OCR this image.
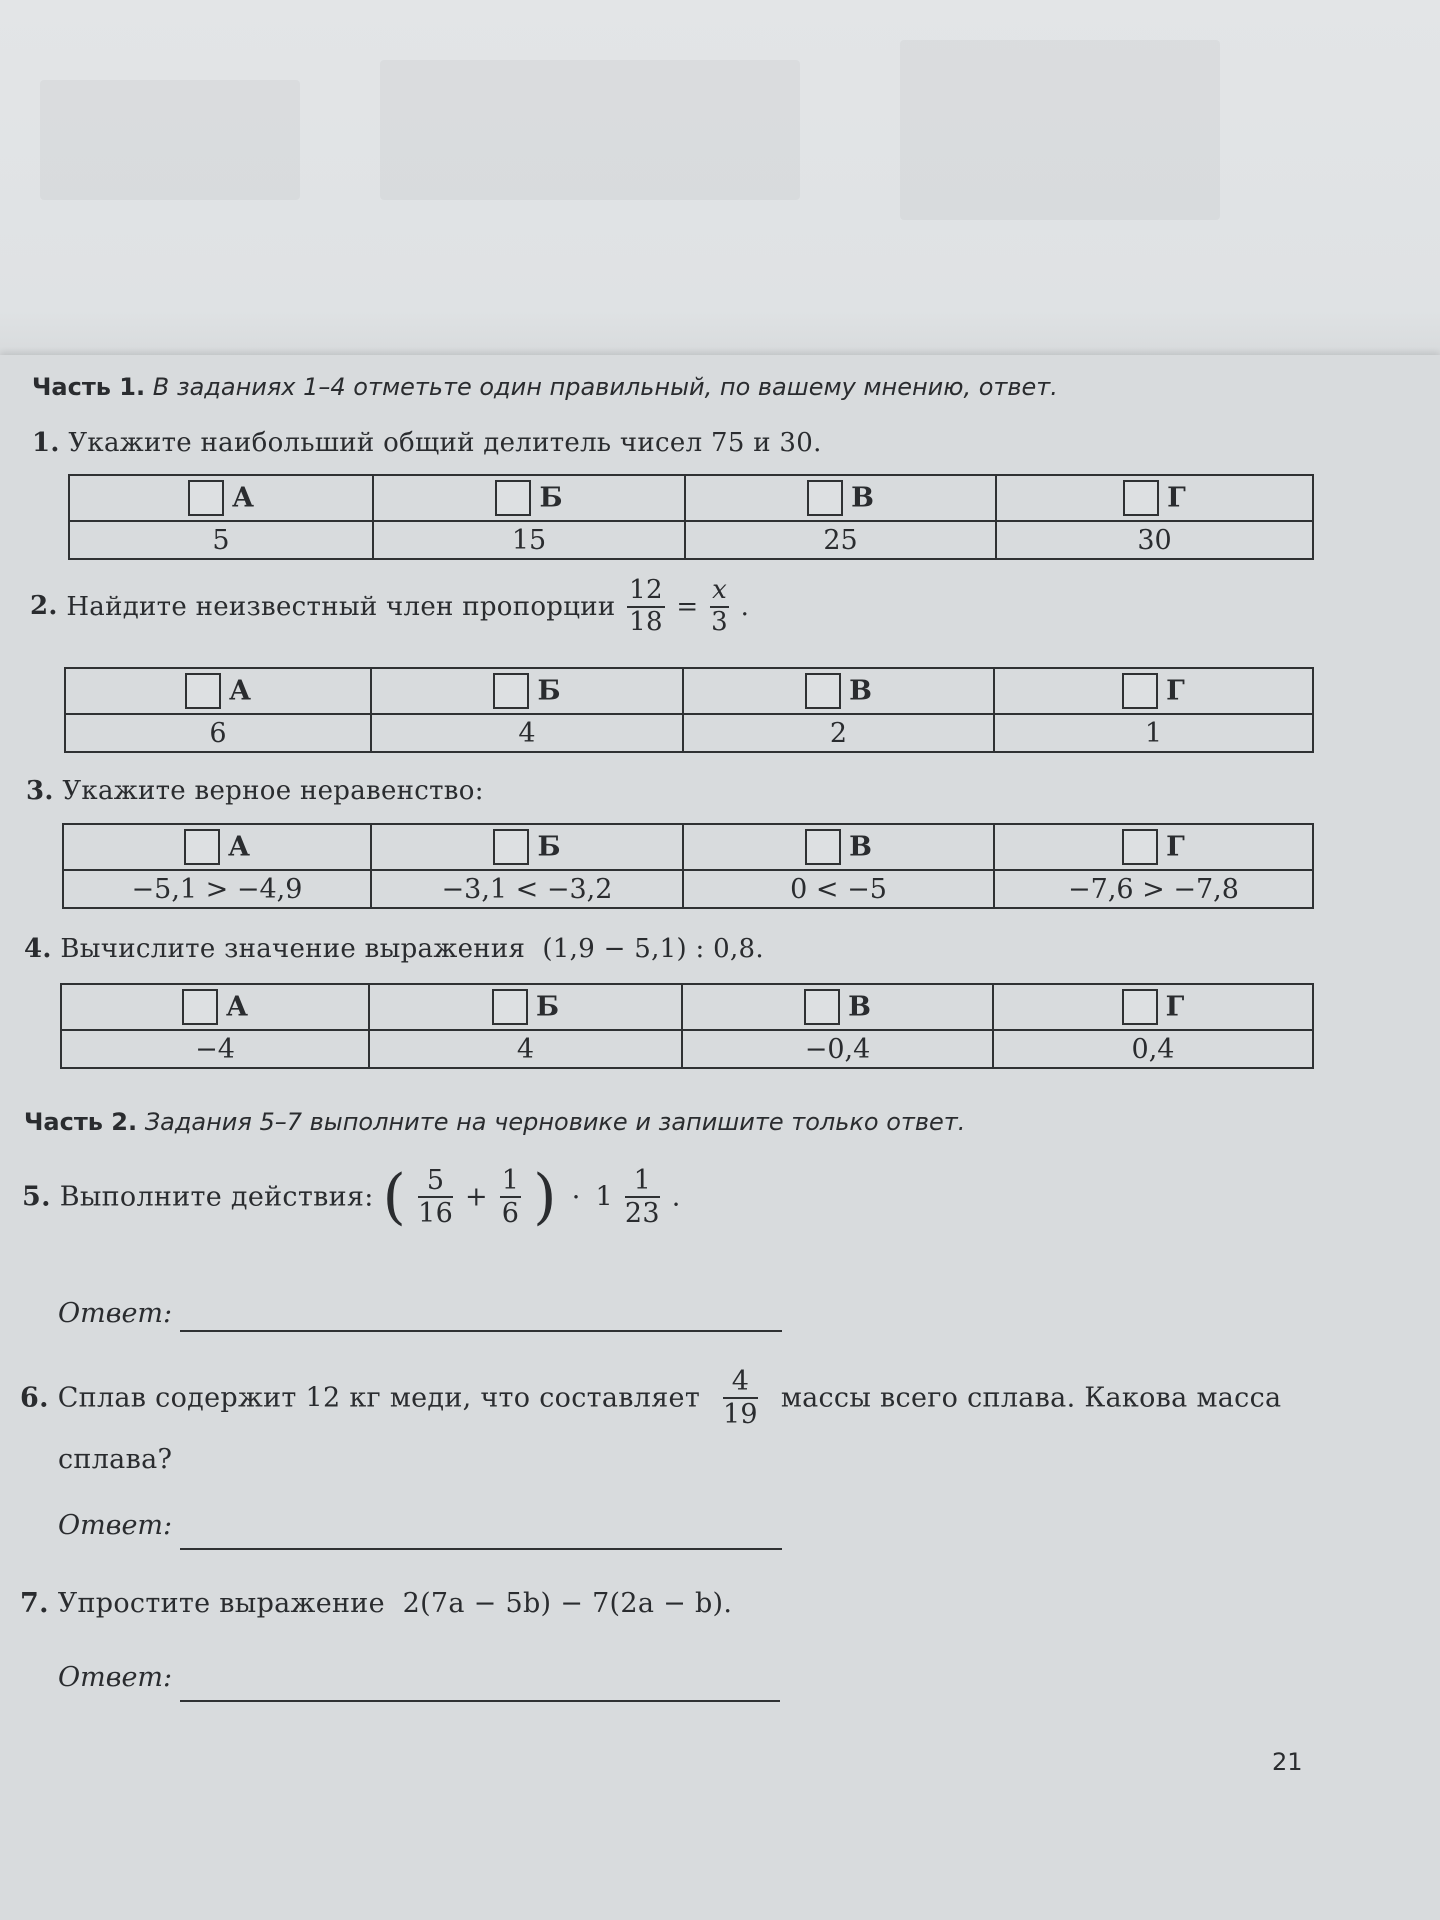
Часть 1. В заданиях 1–4 отметьте один правильный, по вашему мнению, ответ.
1. Укажите наибольший общий делитель чисел 75 и 30.
А	Б	В	Г
5	15	25	30
2. Найдите неизвестный член пропорции $\frac{12}{18} = \frac{x}{3}$ .
А	Б	В	Г
6	4	2	1
3. Укажите верное неравенство:
А	Б	В	Г
−5,1 > −4,9	−3,1 < −3,2	0 < −5	−7,6 > −7,8
4. Вычислите значение выражения  (1,9 − 5,1) : 0,8.
А	Б	В	Г
−4	4	−0,4	0,4
Часть 2. Задания 5–7 выполните на черновике и запишите только ответ.
5. Выполните действия: ( $\frac{5}{16} + \frac{1}{6}$ ) · $1 \frac{1}{23}$ .
Ответ:
6. Сплав содержит 12 кг меди, что составляет $\frac{4}{19}$ массы всего сплава. Какова масса
сплава?
Ответ:
7. Упростите выражение  2(7a − 5b) − 7(2a − b).
Ответ:
21
